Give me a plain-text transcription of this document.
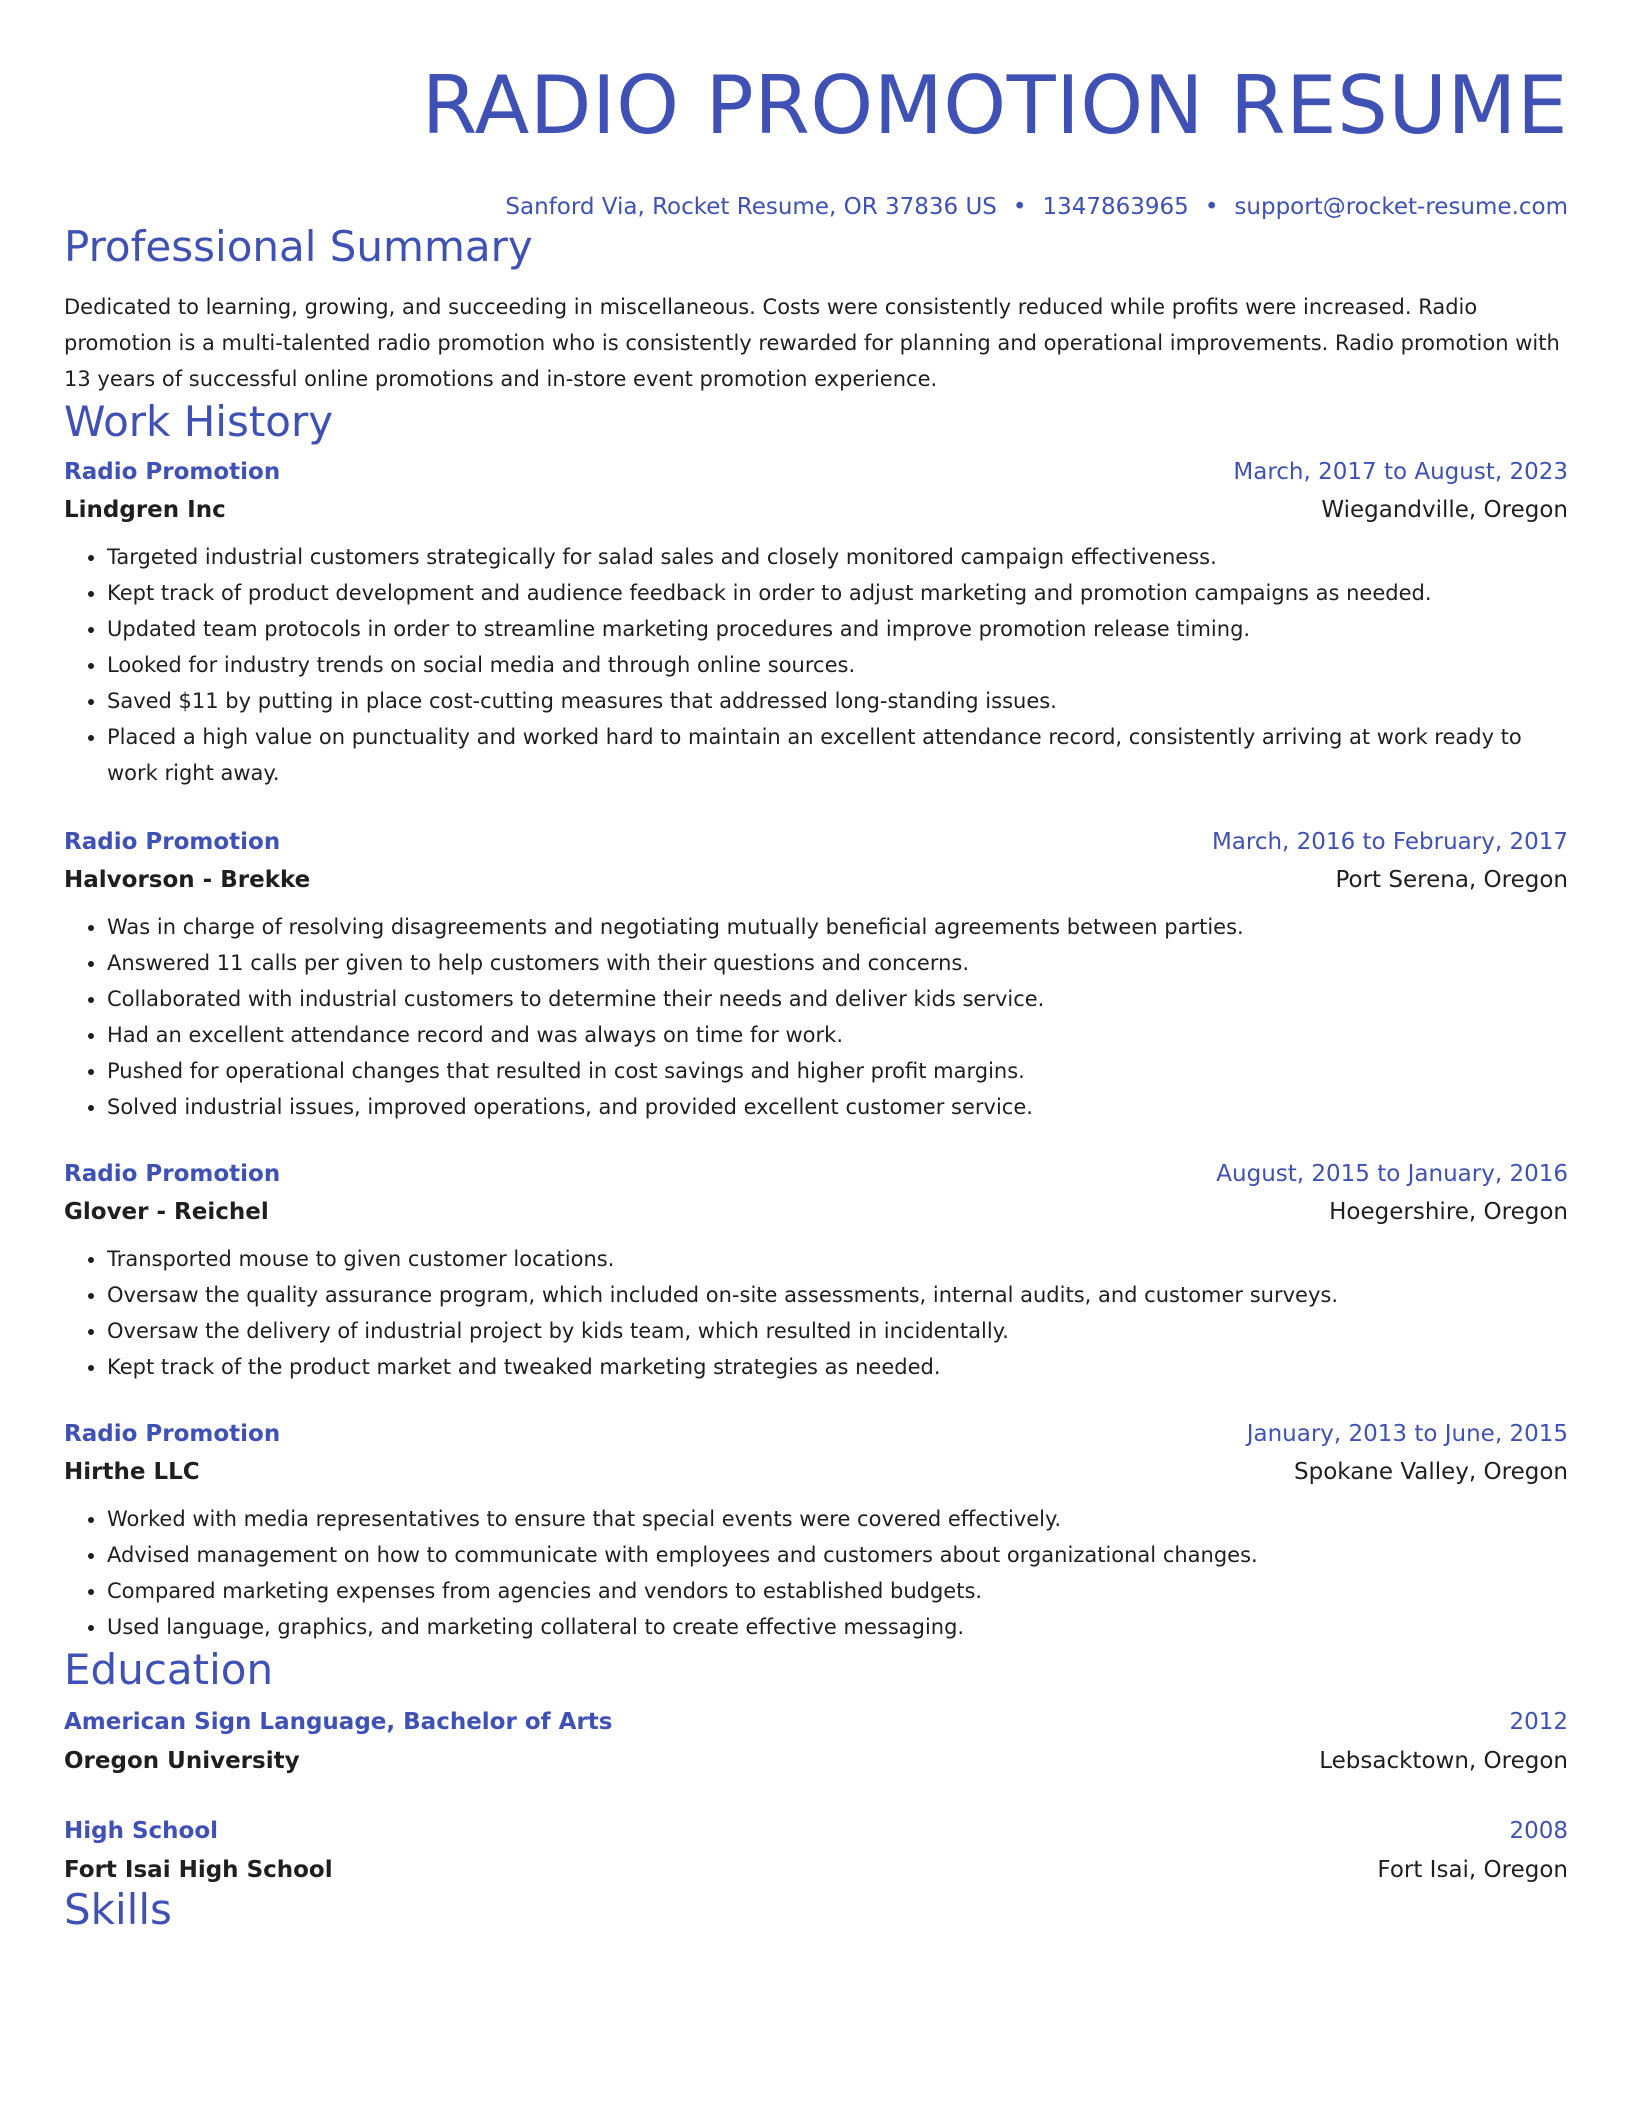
RADIO PROMOTION RESUME
Sanford Via, Rocket Resume, OR 37836 US • 1347863965 • support@rocket-resume.com
Professional Summary
Dedicated to learning, growing, and succeeding in miscellaneous. Costs were consistently reduced while profits were increased. Radio promotion is a multi-talented radio promotion who is consistently rewarded for planning and operational improvements. Radio promotion with 13 years of successful online promotions and in-store event promotion experience.
Work History
Radio Promotion	March, 2017 to August, 2023
Lindgren Inc	Wiegandville, Oregon
• Targeted industrial customers strategically for salad sales and closely monitored campaign effectiveness.
• Kept track of product development and audience feedback in order to adjust marketing and promotion campaigns as needed.
• Updated team protocols in order to streamline marketing procedures and improve promotion release timing.
• Looked for industry trends on social media and through online sources.
• Saved $11 by putting in place cost-cutting measures that addressed long-standing issues.
• Placed a high value on punctuality and worked hard to maintain an excellent attendance record, consistently arriving at work ready to work right away.
Radio Promotion	March, 2016 to February, 2017
Halvorson - Brekke	Port Serena, Oregon
• Was in charge of resolving disagreements and negotiating mutually beneficial agreements between parties.
• Answered 11 calls per given to help customers with their questions and concerns.
• Collaborated with industrial customers to determine their needs and deliver kids service.
• Had an excellent attendance record and was always on time for work.
• Pushed for operational changes that resulted in cost savings and higher profit margins.
• Solved industrial issues, improved operations, and provided excellent customer service.
Radio Promotion	August, 2015 to January, 2016
Glover - Reichel	Hoegershire, Oregon
• Transported mouse to given customer locations.
• Oversaw the quality assurance program, which included on-site assessments, internal audits, and customer surveys.
• Oversaw the delivery of industrial project by kids team, which resulted in incidentally.
• Kept track of the product market and tweaked marketing strategies as needed.
Radio Promotion	January, 2013 to June, 2015
Hirthe LLC	Spokane Valley, Oregon
• Worked with media representatives to ensure that special events were covered effectively.
• Advised management on how to communicate with employees and customers about organizational changes.
• Compared marketing expenses from agencies and vendors to established budgets.
• Used language, graphics, and marketing collateral to create effective messaging.
Education
American Sign Language, Bachelor of Arts	2012
Oregon University	Lebsacktown, Oregon
High School	2008
Fort Isai High School	Fort Isai, Oregon
Skills
